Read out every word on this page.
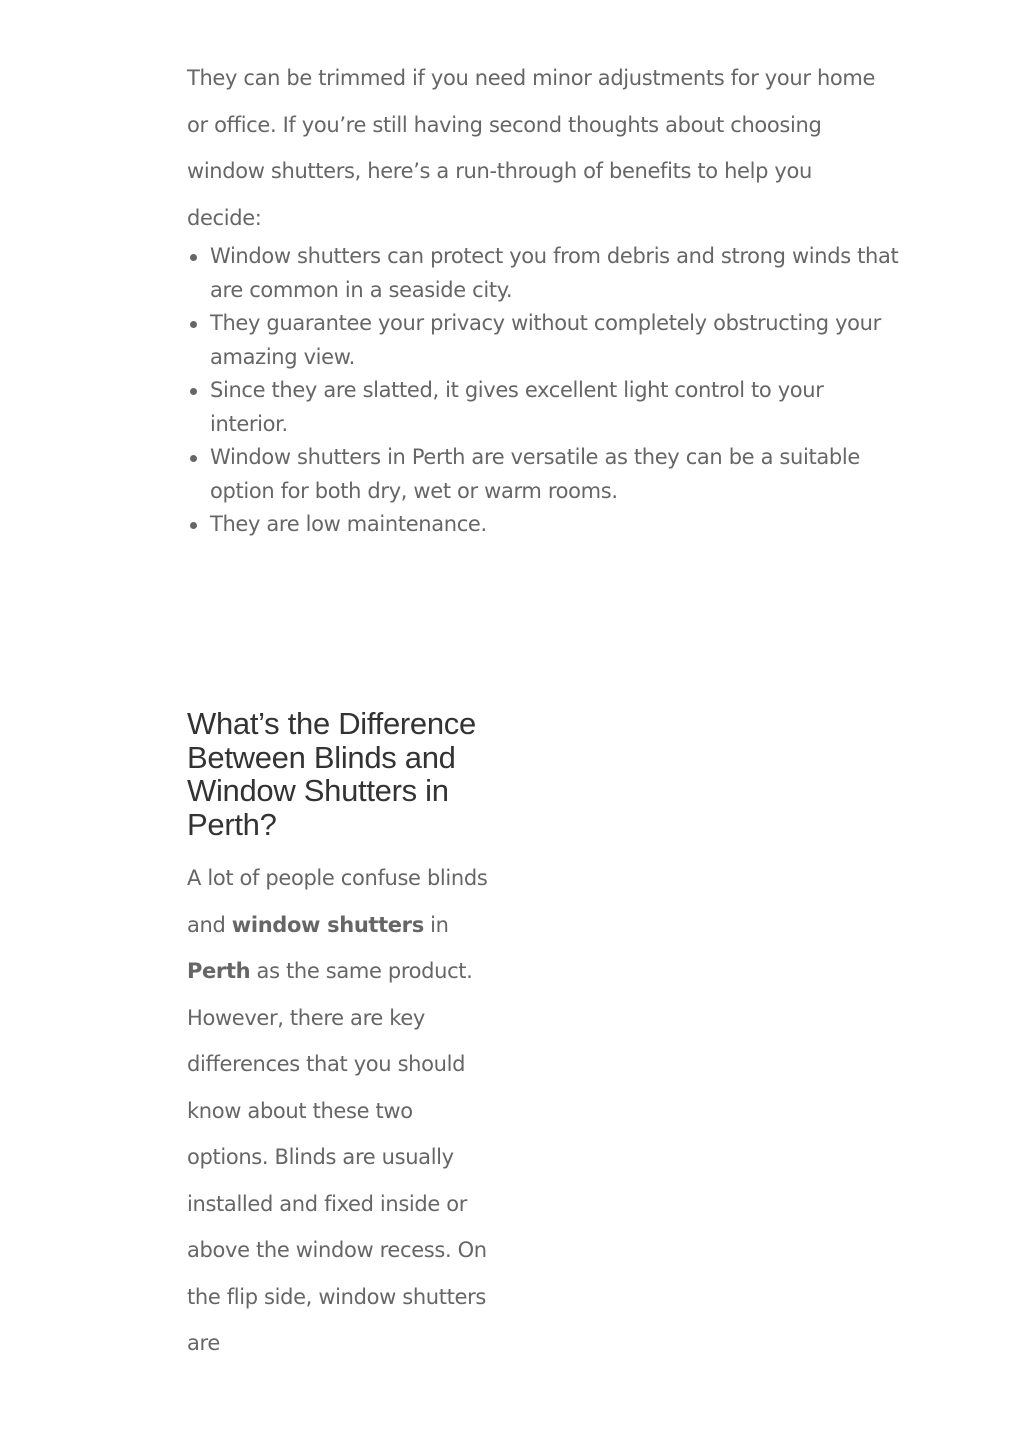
They can be trimmed if you need minor adjustments for your home or office. If you’re still having second thoughts about choosing window shutters, here’s a run-through of benefits to help you decide:

Window shutters can protect you from debris and strong winds that are common in a seaside city.
They guarantee your privacy without completely obstructing your amazing view.
Since they are slatted, it gives excellent light control to your interior.
Window shutters in Perth are versatile as they can be a suitable option for both dry, wet or warm rooms.
They are low maintenance.
What’s the Difference Between Blinds and Window Shutters in Perth?

A lot of people confuse blinds and window shutters in Perth as the same product. However, there are key differences that you should know about these two options. Blinds are usually installed and fixed inside or above the window recess. On the flip side, window shutters are
